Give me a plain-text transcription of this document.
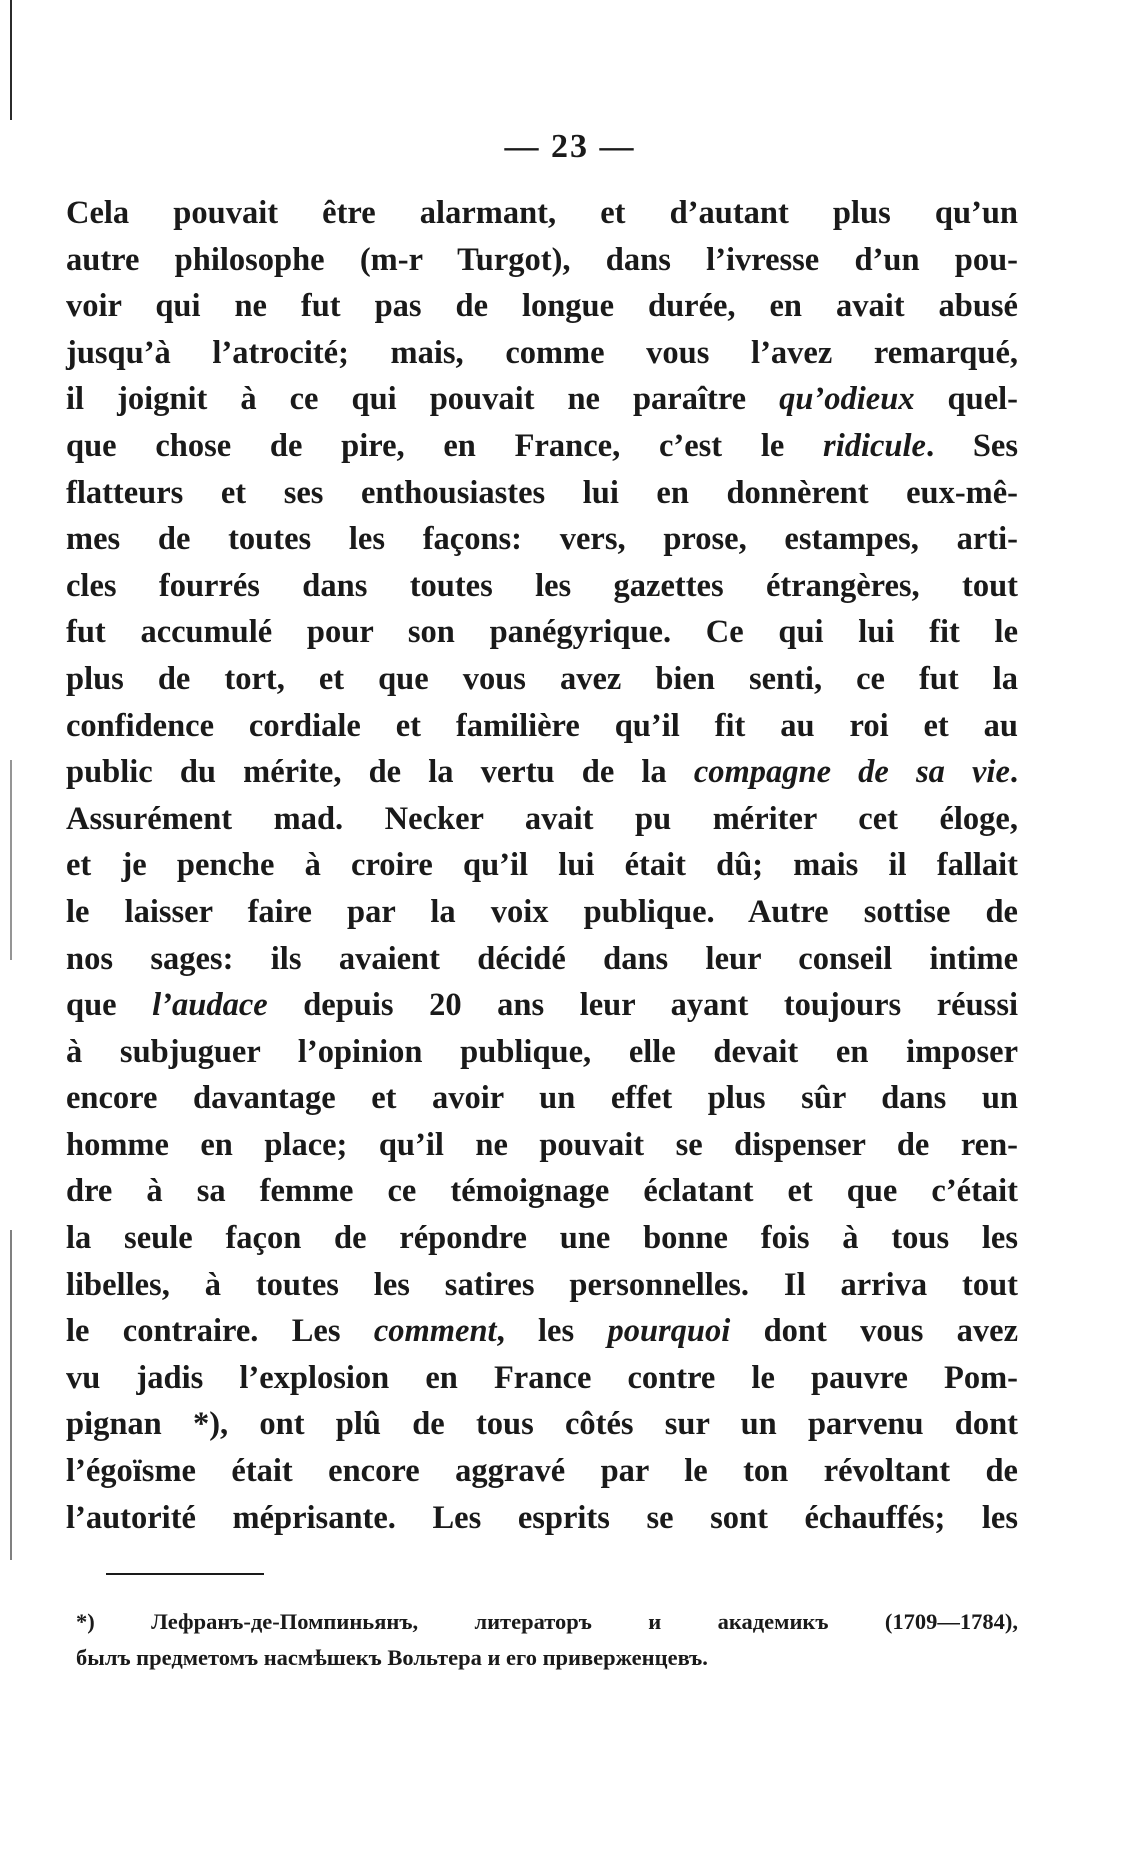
— 23 —
Cela pouvait être alarmant, et d’autant plus qu’un
autre philosophe (m-r Turgot), dans l’ivresse d’un pou-
voir qui ne fut pas de longue durée, en avait abusé
jusqu’à l’atrocité; mais, comme vous l’avez remarqué,
il joignit à ce qui pouvait ne paraître qu’odieux quel-
que chose de pire, en France, c’est le ridicule. Ses
flatteurs et ses enthousiastes lui en donnèrent eux-mê-
mes de toutes les façons: vers, prose, estampes, arti-
cles fourrés dans toutes les gazettes étrangères, tout
fut accumulé pour son panégyrique. Ce qui lui fit le
plus de tort, et que vous avez bien senti, ce fut la
confidence cordiale et familière qu’il fit au roi et au
public du mérite, de la vertu de la compagne de sa vie.
Assurément mad. Necker avait pu mériter cet éloge,
et je penche à croire qu’il lui était dû; mais il fallait
le laisser faire par la voix publique. Autre sottise de
nos sages: ils avaient décidé dans leur conseil intime
que l’audace depuis 20 ans leur ayant toujours réussi
à subjuguer l’opinion publique, elle devait en imposer
encore davantage et avoir un effet plus sûr dans un
homme en place; qu’il ne pouvait se dispenser de ren-
dre à sa femme ce témoignage éclatant et que c’était
la seule façon de répondre une bonne fois à tous les
libelles, à toutes les satires personnelles. Il arriva tout
le contraire. Les comment, les pourquoi dont vous avez
vu jadis l’explosion en France contre le pauvre Pom-
pignan *), ont plû de tous côtés sur un parvenu dont
l’égoïsme était encore aggravé par le ton révoltant de
l’autorité méprisante. Les esprits se sont échauffés; les
*) Лефранъ-де-Помпиньянъ, литераторъ и академикъ (1709—1784),
былъ предметомъ насмѣшекъ Вольтера и его приверженцевъ.
